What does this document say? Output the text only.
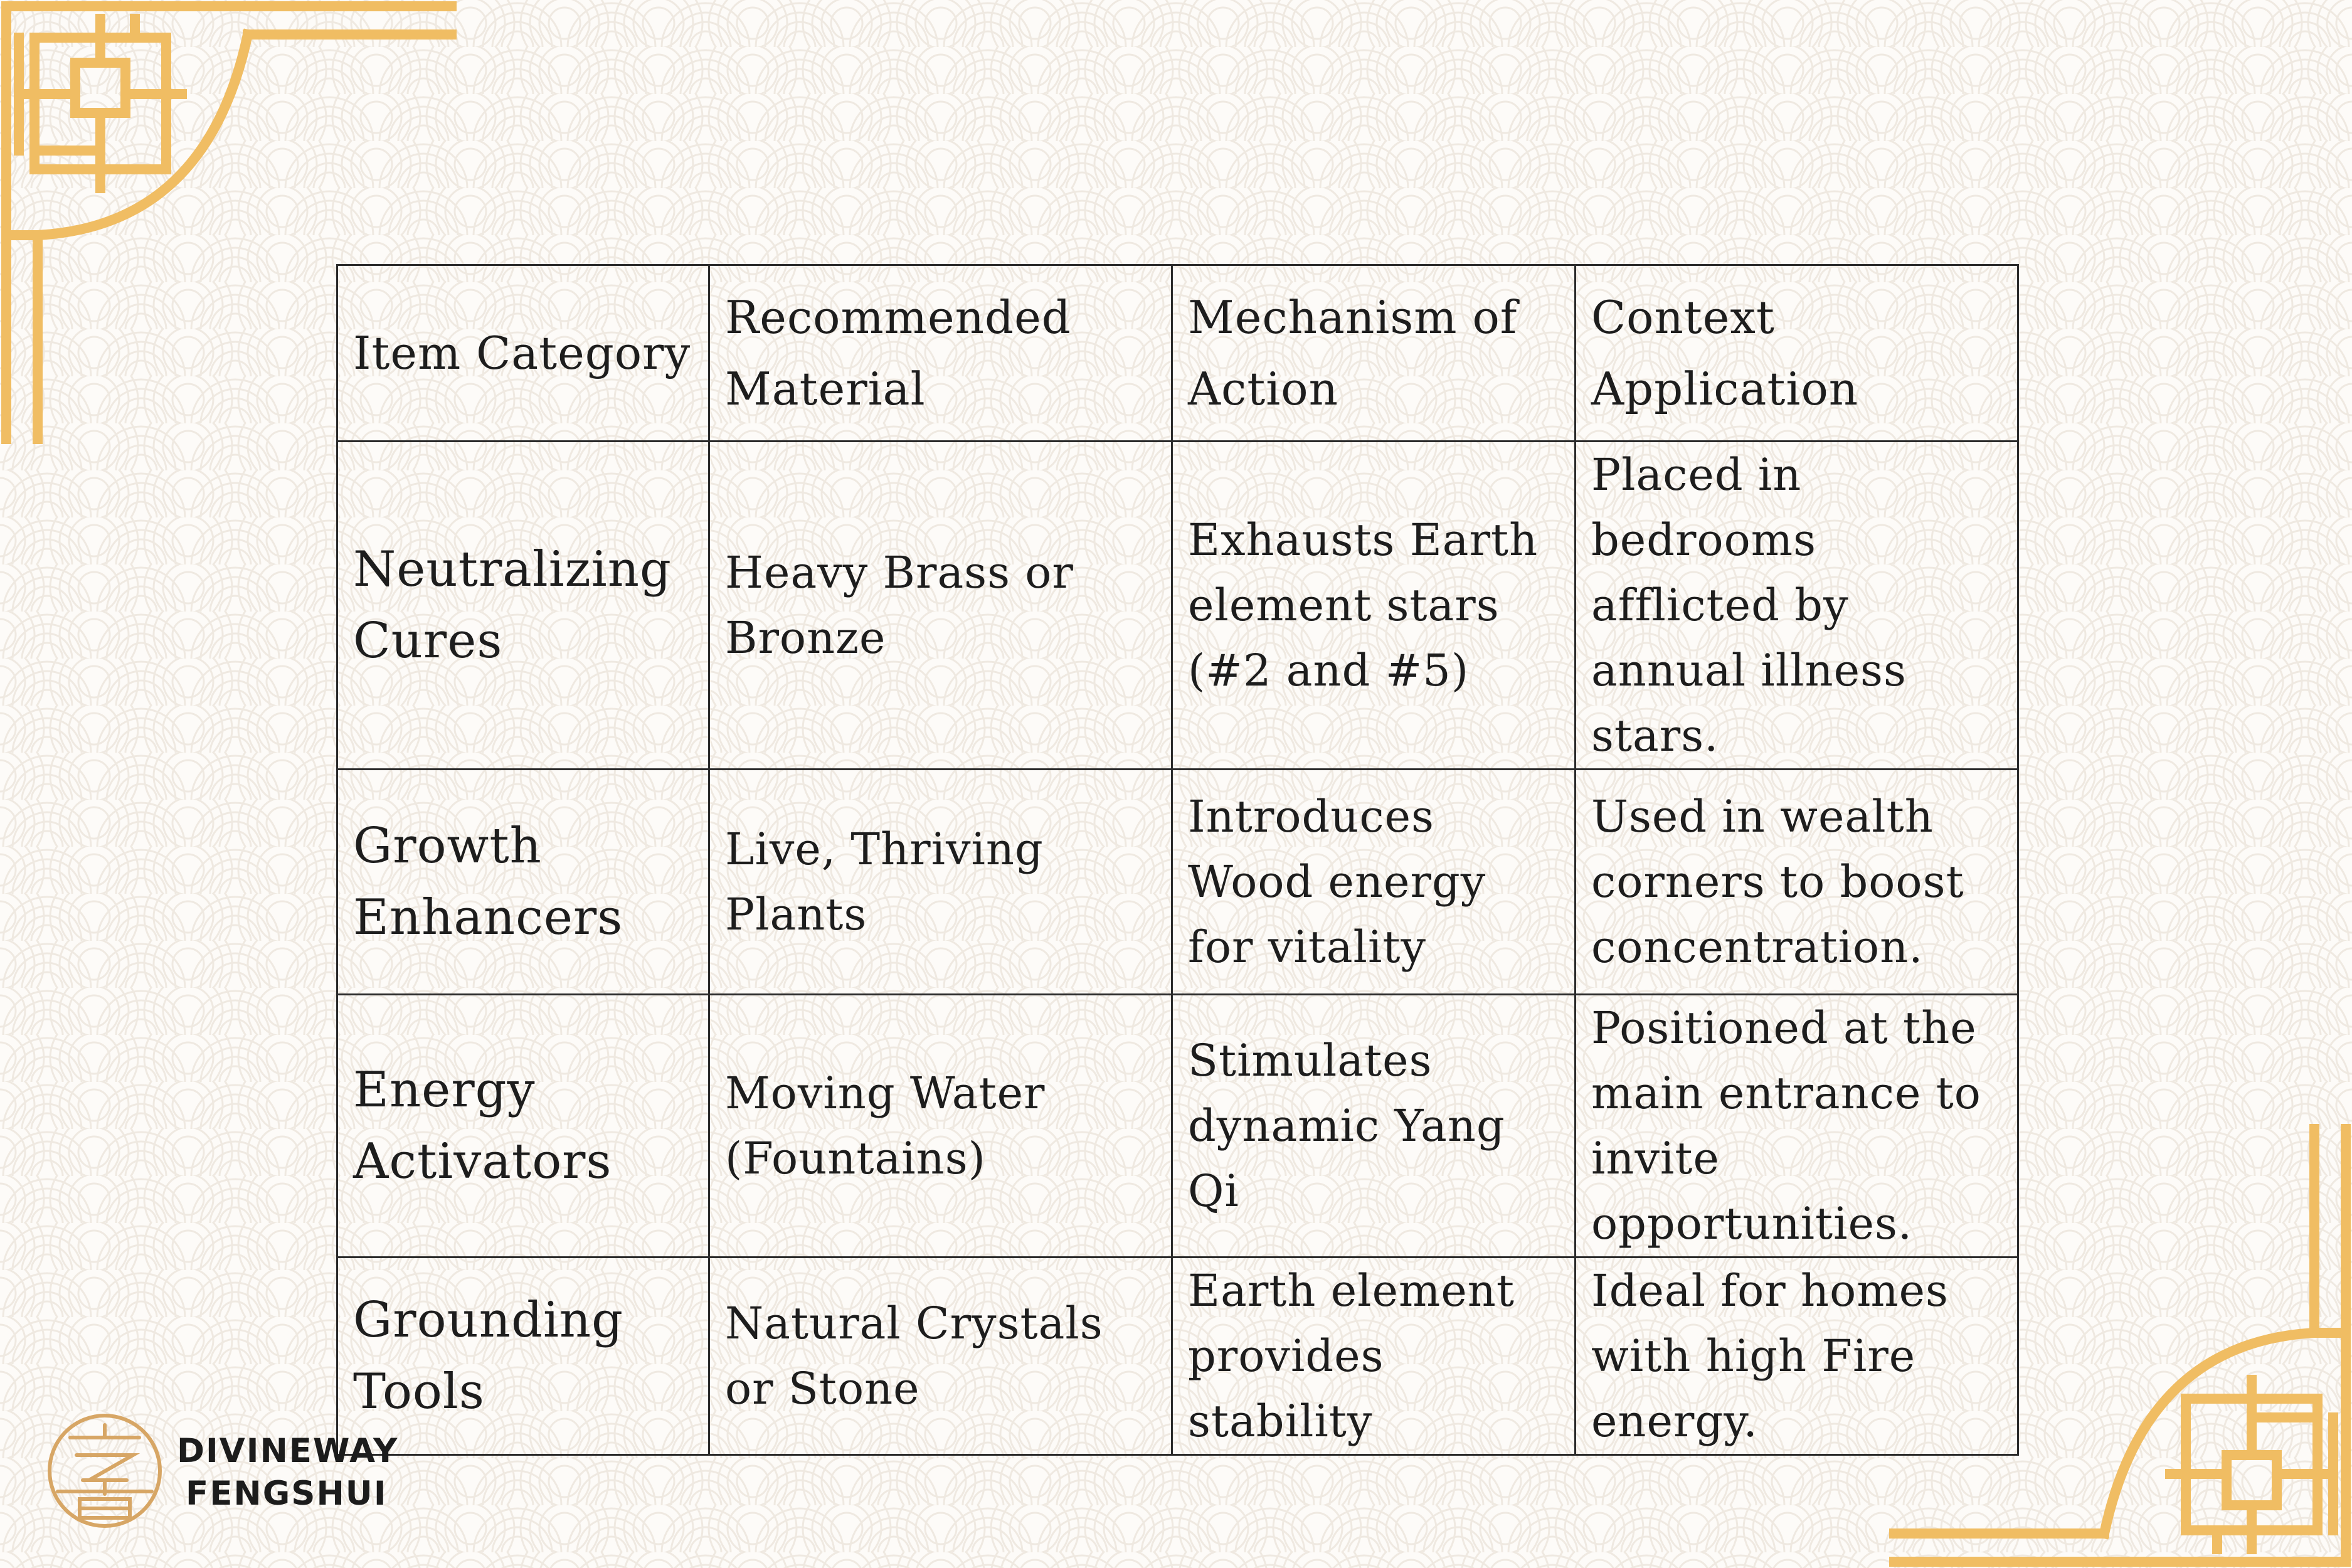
Item Category	Recommended Material	Mechanism of Action	Context Application
Neutralizing Cures	Heavy Brass or Bronze	Exhausts Earth element stars (#2 and #5)	Placed in bedrooms afflicted by annual illness stars.
Growth Enhancers	Live, Thriving Plants	Introduces Wood energy for vitality	Used in wealth corners to boost concentration.
Energy Activators	Moving Water (Fountains)	Stimulates dynamic Yang Qi	Positioned at the main entrance to invite opportunities.
Grounding Tools	Natural Crystals or Stone	Earth element provides stability	Ideal for homes with high Fire energy.
DIVINEWAY
FENGSHUI
